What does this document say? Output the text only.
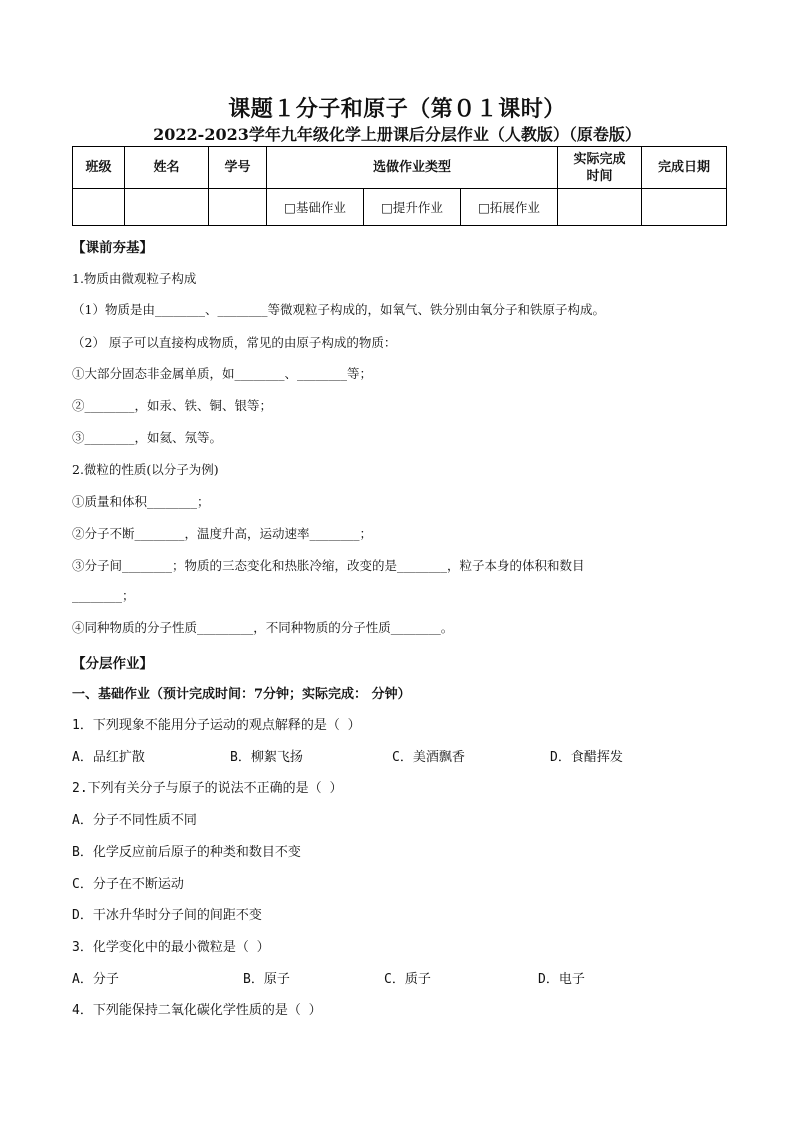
课题１分子和原子（第０１课时）
2022-2023学年九年级化学上册课后分层作业（人教版）（原卷版）
班级	姓名	学号	选做作业类型			实际完成时间	完成日期
			□基础作业	□提升作业	□拓展作业		
【课前夯基】
1.物质由微观粒子构成
（1）物质是由________、________等微观粒子构成的，如氧气、铁分别由氧分子和铁原子构成。
（2） 原子可以直接构成物质，常见的由原子构成的物质：
①大部分固态非金属单质，如________、________等；
②________，如汞、铁、铜、银等；
③________，如氦、氖等。
2.微粒的性质(以分子为例)
①质量和体积________；
②分子不断________，温度升高，运动速率________；
③分子间________；物质的三态变化和热胀冷缩，改变的是________，粒子本身的体积和数目
________；
④同种物质的分子性质_________，不同种物质的分子性质________。
【分层作业】
一、基础作业（预计完成时间：7分钟；实际完成： 分钟）
1．下列现象不能用分子运动的观点解释的是（ ）
A．品红扩散	B．柳絮飞扬	C．美酒飘香	D．食醋挥发
2.下列有关分子与原子的说法不正确的是（ ）
A．分子不同性质不同
B．化学反应前后原子的种类和数目不变
C．分子在不断运动
D．干冰升华时分子间的间距不变
3．化学变化中的最小微粒是（ ）
A．分子	B．原子	C．质子	D．电子
4．下列能保持二氧化碳化学性质的是（ ）
